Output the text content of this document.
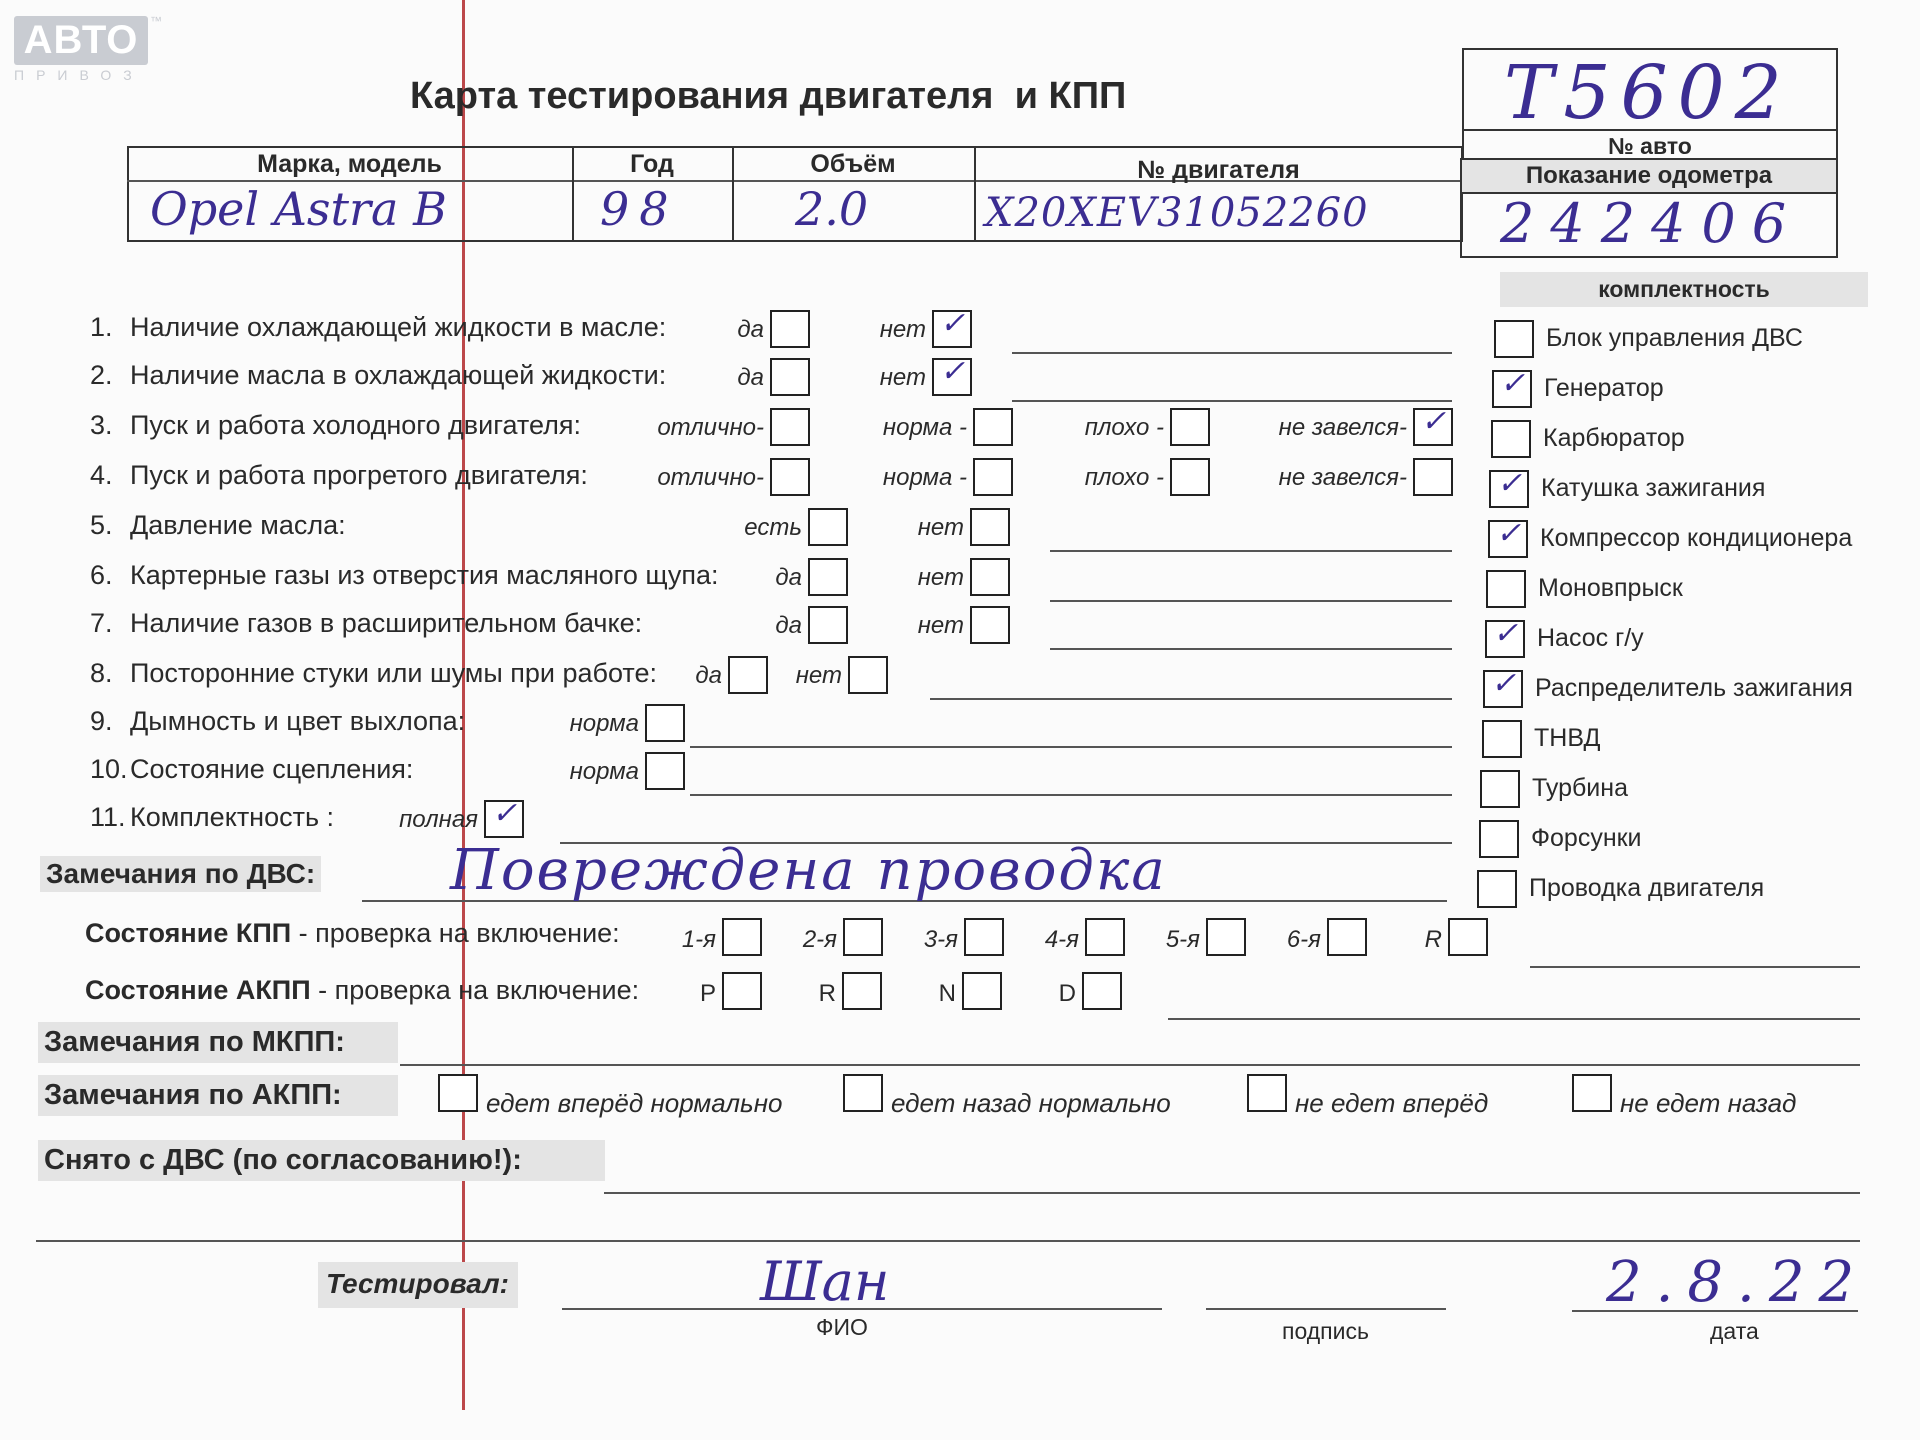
АВТО ™
ПРИВОЗ	Карта тестирования двигателя  и КПП	T5602
№ авто
Марка, модель	Год	Объём	№ двигателя
Opel Astra B	98	2.0	X20XEV31052260
Показание одометра
242406
комплектность
Замечания по ДВС: Повреждена проводка
Состояние КПП - проверка на включение:
Состояние АКПП - проверка на включение:
Замечания по МКПП:
Замечания по АКПП:
Снято с ДВС (по согласованию!):
Тестировал:	Шан	2.8.22
ФИО	подпись	дата
1. Наличие охлаждающей жидкости в масле:	да	нет ✓
2. Наличие масла в охлаждающей жидкости:	да	нет ✓
3. Пуск и работа холодного двигателя:	отлично-	норма -	плохо -	не завелся- ✓
4. Пуск и работа прогретого двигателя:	отлично-	норма -	плохо -	не завелся-
5. Давление масла:	есть	нет
6. Картерные газы из отверстия масляного щупа:	да	нет
7. Наличие газов в расширительном бачке:	да	нет
8. Посторонние стуки или шумы при работе:	да	нет
9. Дымность и цвет выхлопа:	норма
10.Состояние сцепления:	норма
11. Комплектность :	полная ✓
Блок управления ДВС
✓ Генератор
Карбюратор
✓ Катушка зажигания
✓ Компрессор кондиционера
Моновпрыск
✓ Насос г/у
✓ Распределитель зажигания
ТНВД
Турбина
Форсунки
Проводка двигателя
1-я	2-я	3-я	4-я	5-я	6-я	R
P	R	N	D
едет вперёд нормально	едет назад нормально	не едет вперёд	не едет назад
